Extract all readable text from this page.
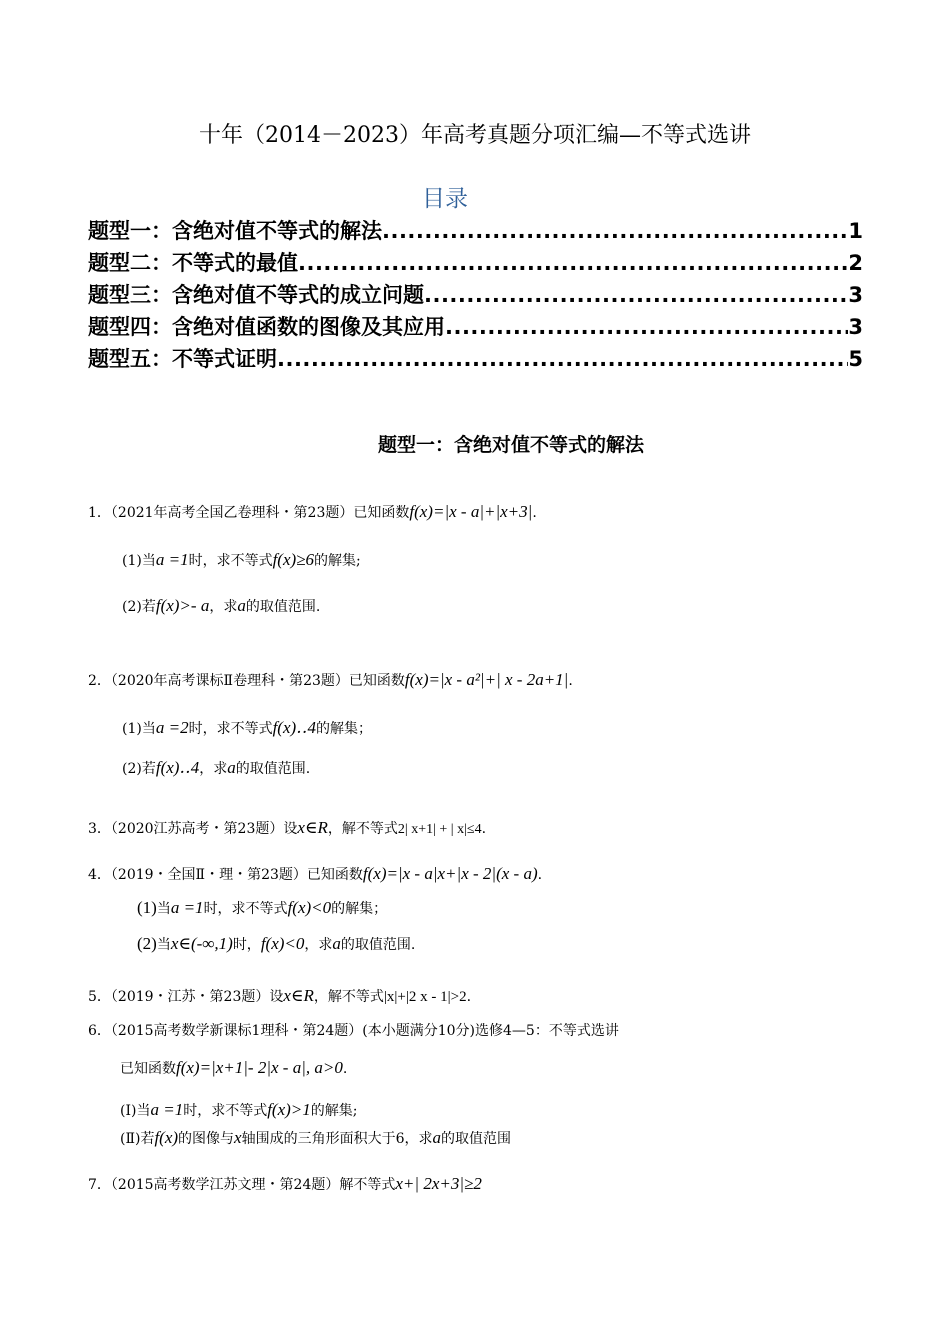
十年（2014－2023）年高考真题分项汇编—不等式选讲
目录
题型一：含绝对值不等式的解法 .....	1
题型二：不等式的最值 .....	2
题型三：含绝对值不等式的成立问题 .....	3
题型四：含绝对值函数的图像及其应用 .....	3
题型五：不等式证明 .....	5
题型一：含绝对值不等式的解法
1．（2021年高考全国乙卷理科・第23题）已知函数f(x)=|x - a|+|x+3|.
(1)当a =1时，求不等式f(x)≥6的解集;
(2)若f(x)>- a，求a的取值范围.
2．（2020年高考课标Ⅱ卷理科・第23题）已知函数f(x)=|x - a²|+| x - 2a+1|.
(1)当a =2时，求不等式f(x)‥4的解集；
(2)若f(x)‥4，求a的取值范围.
3．（2020江苏高考・第23题）设x∈R，解不等式2| x+1| + | x|≤4.
4．（2019・全国Ⅱ・理・第23题）已知函数f(x)=|x - a|x+|x - 2|(x - a).
(1)当a =1时，求不等式f(x)<0的解集；
(2)当x∈(-∞,1)时，f(x)<0，求a的取值范围.
5．（2019・江苏・第23题）设x∈R，解不等式|x|+|2 x - 1|>2.
6．（2015高考数学新课标1理科・第24题）(本小题满分10分)选修4—5：不等式选讲
已知函数f(x)=|x+1|- 2|x - a|, a>0.
(Ⅰ)当a =1时，求不等式f(x)>1的解集;
(Ⅱ)若f(x)的图像与x轴围成的三角形面积大于6，求a的取值范围
7．（2015高考数学江苏文理・第24题）解不等式x+| 2x+3|≥2
